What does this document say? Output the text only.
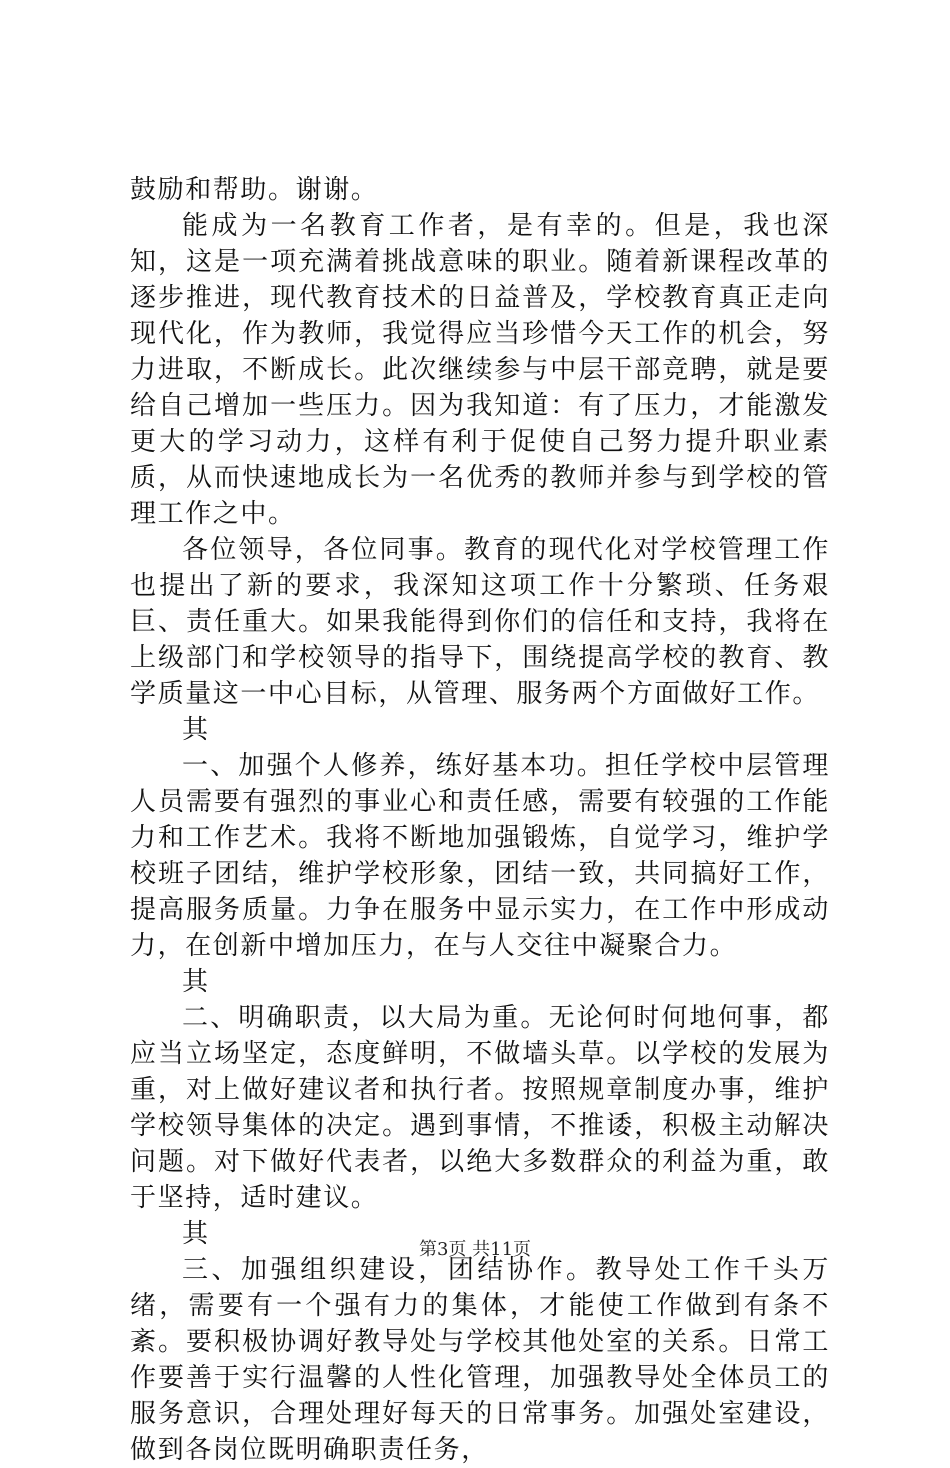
鼓励和帮助。谢谢。

能成为一名教育工作者，是有幸的。但是，我也深知，这是一项充满着挑战意味的职业。随着新课程改革的逐步推进，现代教育技术的日益普及，学校教育真正走向现代化，作为教师，我觉得应当珍惜今天工作的机会，努力进取，不断成长。此次继续参与中层干部竞聘，就是要给自己增加一些压力。因为我知道：有了压力，才能激发更大的学习动力，这样有利于促使自己努力提升职业素质，从而快速地成长为一名优秀的教师并参与到学校的管理工作之中。

各位领导，各位同事。教育的现代化对学校管理工作也提出了新的要求，我深知这项工作十分繁琐、任务艰巨、责任重大。如果我能得到你们的信任和支持，我将在上级部门和学校领导的指导下，围绕提高学校的教育、教学质量这一中心目标，从管理、服务两个方面做好工作。

其

一、加强个人修养，练好基本功。担任学校中层管理人员需要有强烈的事业心和责任感，需要有较强的工作能力和工作艺术。我将不断地加强锻炼，自觉学习，维护学校班子团结，维护学校形象，团结一致，共同搞好工作，提高服务质量。力争在服务中显示实力，在工作中形成动力，在创新中增加压力，在与人交往中凝聚合力。

其

二、明确职责，以大局为重。无论何时何地何事，都应当立场坚定，态度鲜明，不做墙头草。以学校的发展为重，对上做好建议者和执行者。按照规章制度办事，维护学校领导集体的决定。遇到事情，不推诿，积极主动解决问题。对下做好代表者，以绝大多数群众的利益为重，敢于坚持，适时建议。

其

三、加强组织建设，团结协作。教导处工作千头万绪，需要有一个强有力的集体，才能使工作做到有条不紊。要积极协调好教导处与学校其他处室的关系。日常工作要善于实行温馨的人性化管理，加强教导处全体员工的服务意识，合理处理好每天的日常事务。加强处室建设，做到各岗位既明确职责任务，

第3页 共11页
